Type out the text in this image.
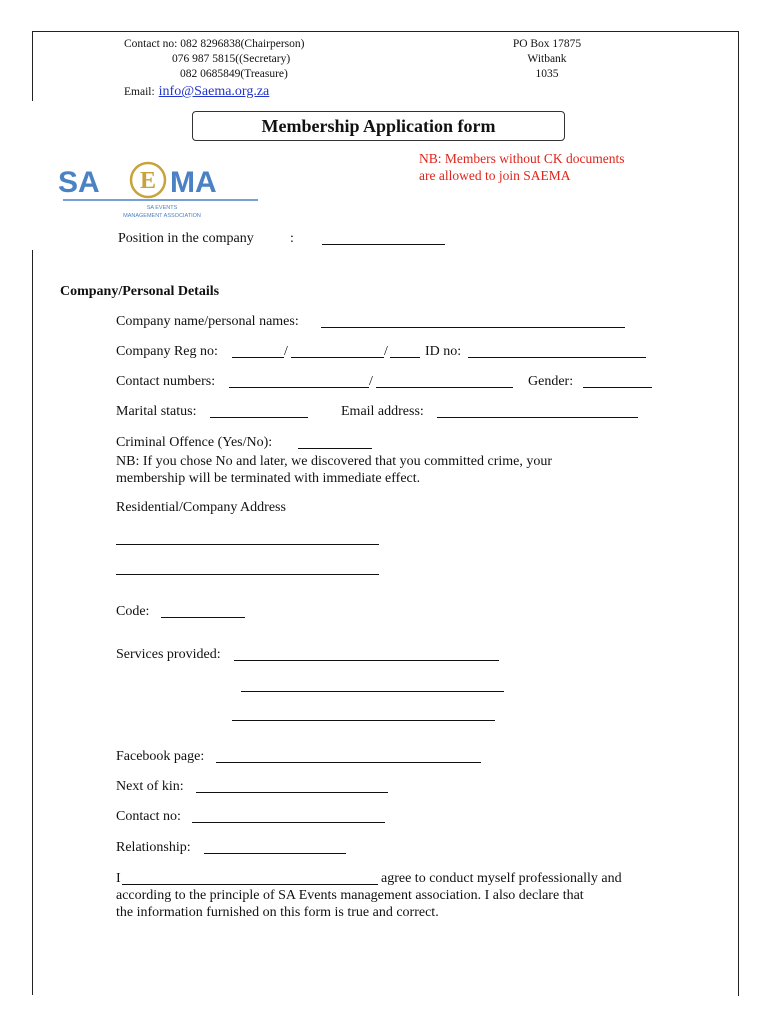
Contact no: 082 8296838(Chairperson)
076 987 5815((Secretary)
082 0685849(Treasure)
Email: info@Saema.org.za
PO Box 17875
Witbank
1035
Membership Application form
NB: Members without CK documents
are allowed to join SAEMA
SA E MA
SA EVENTS
MANAGEMENT ASSOCIATION
Position in the company	:
Company/Personal Details
Company name/personal names:
Company Reg no:	/	/	ID no:
Contact numbers:	/	Gender:
Marital status:	Email address:
Criminal Offence (Yes/No):
NB: If you chose No and later, we discovered that you committed crime, your
membership will be terminated with immediate effect.
Residential/Company Address
Code:
Services provided:
Facebook page:
Next of kin:
Contact no:
Relationship:
I	agree to conduct myself professionally and
according to the principle of SA Events management association. I also declare that
the information furnished on this form is true and correct.
